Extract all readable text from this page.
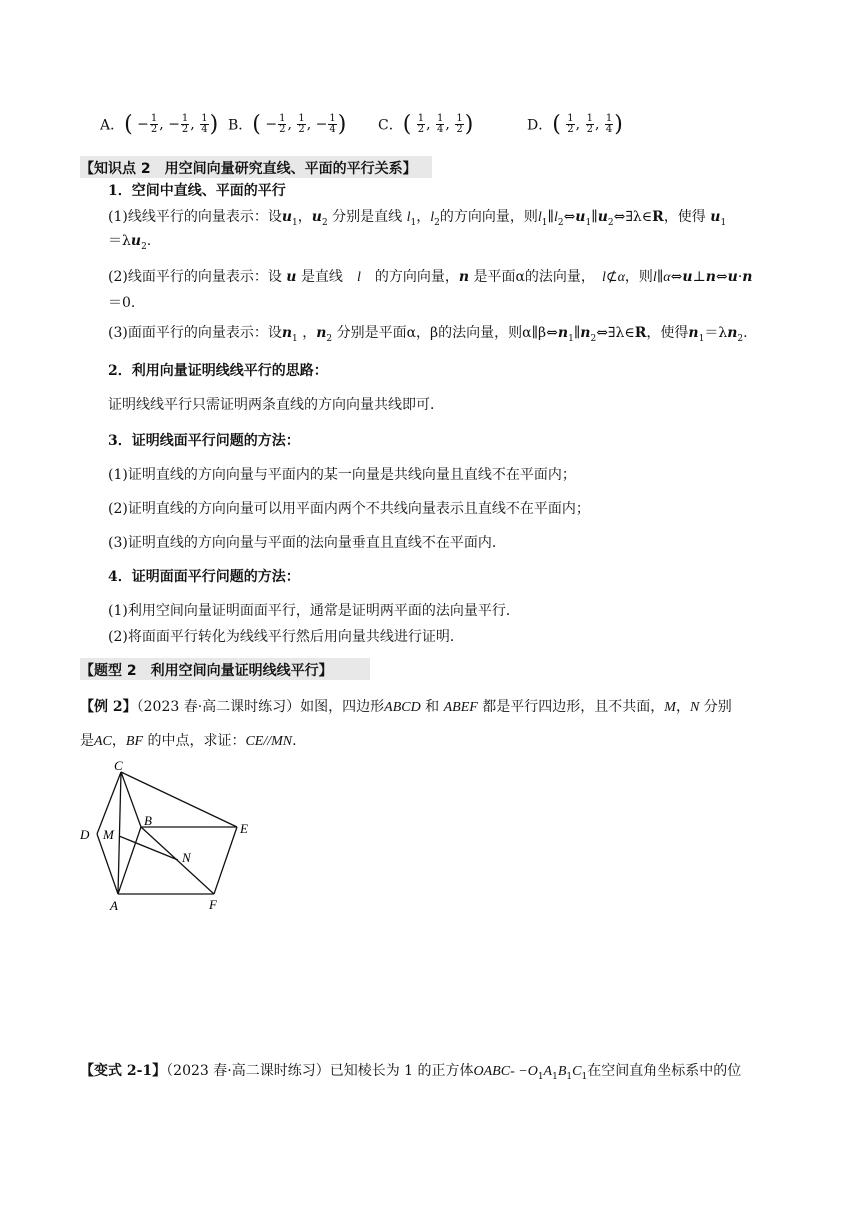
A．( − $\frac{1}{2}$ , − $\frac{1}{2}$ , $\frac{1}{4}$ ) B．( − $\frac{1}{2}$ , $\frac{1}{2}$ , − $\frac{1}{4}$ ) C．( $\frac{1}{2}$ , $\frac{1}{4}$ , $\frac{1}{2}$ )	D．( $\frac{1}{2}$ , $\frac{1}{2}$ , $\frac{1}{4}$ )
【知识点 2　用空间向量研究直线、平面的平行关系】
1．空间中直线、平面的平行
(1)线线平行的向量表示：设$u_1$，$u_2$ 分别是直线 $l_1$，$l_2$的方向向量，则$l_1\parallel l_2\Leftrightarrow u_1\parallel u_2\Leftrightarrow\exists\lambda\in R$，使得 $u_1$
$=\lambda u_2$.
(2)线面平行的向量表示：设 u 是直线　 l　 的方向向量，n 是平面α的法向量，　 l⊄α，则l∥α⇔u⊥n⇔u·n
＝0.
(3)面面平行的向量表示：设$n_1$ ，$n_2$ 分别是平面α，β的法向量，则$\alpha\parallel\beta\Leftrightarrow n_1\parallel n_2\Leftrightarrow\exists\lambda\in R$，使得$n_1=\lambda n_2$.
2．利用向量证明线线平行的思路：
证明线线平行只需证明两条直线的方向向量共线即可．
3．证明线面平行问题的方法：
(1)证明直线的方向向量与平面内的某一向量是共线向量且直线不在平面内；
(2)证明直线的方向向量可以用平面内两个不共线向量表示且直线不在平面内；
(3)证明直线的方向向量与平面的法向量垂直且直线不在平面内．
4．证明面面平行问题的方法：
(1)利用空间向量证明面面平行，通常是证明两平面的法向量平行．
(2)将面面平行转化为线线平行然后用向量共线进行证明．
【题型 2　利用空间向量证明线线平行】
【例 2】（2023 春·高二课时练习）如图，四边形ABCD 和 ABEF 都是平行四边形，且不共面，M，N 分别
是AC，BF 的中点，求证：CE//MN.
C
B
E
D M
N
A	F
【变式 2-1】（2023 春·高二课时练习）已知棱长为 1 的正方体OABC- $-O_1A_1B_1C_1$在空间直角坐标系中的位
